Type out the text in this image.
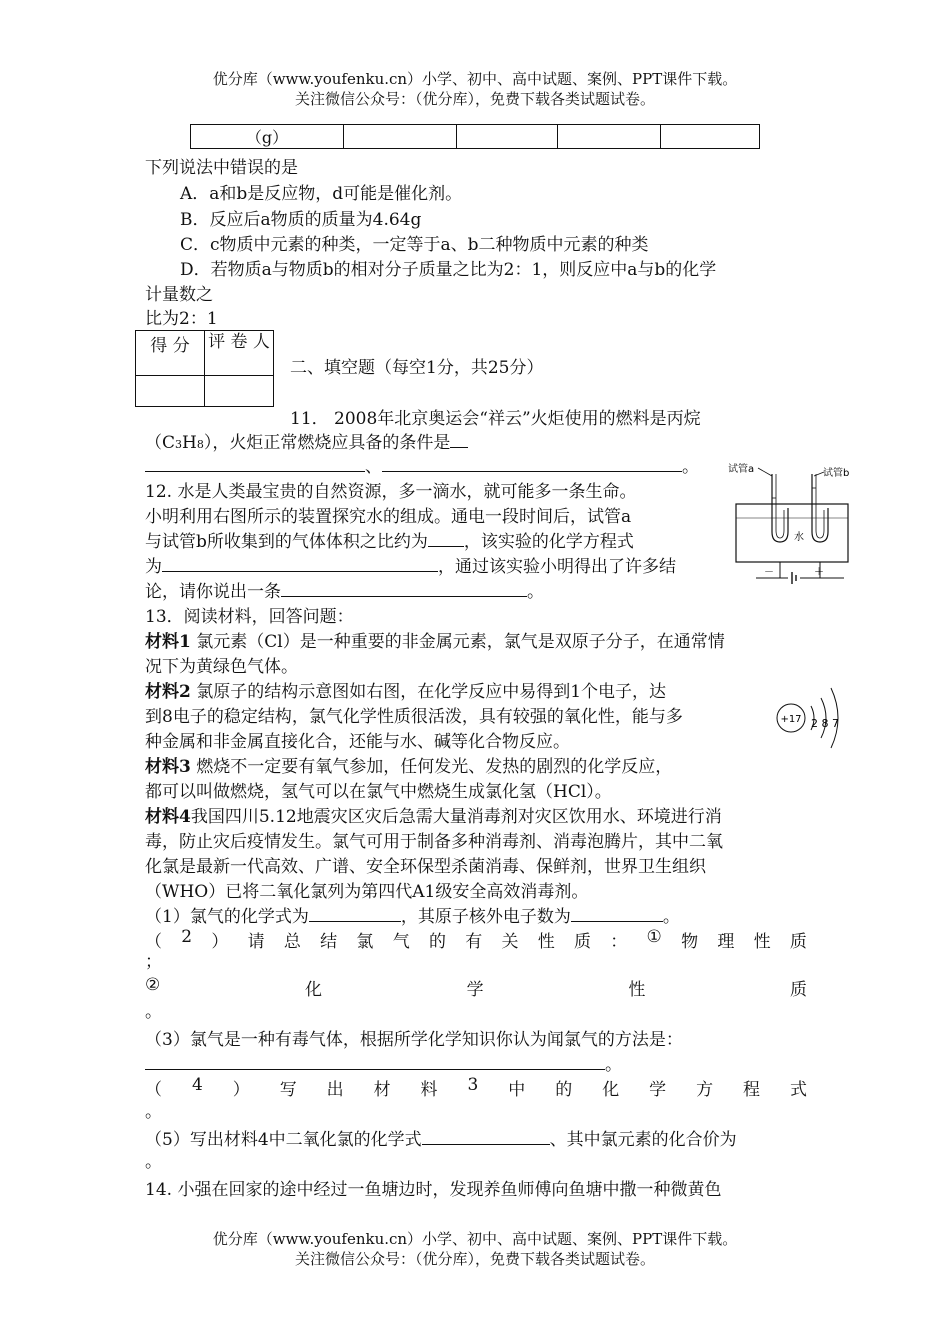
优分库（www.youfenku.cn）小学、初中、高中试题、案例、PPT课件下载。
关注微信公众号：（优分库），免费下载各类试题试卷。
（g）				
下列说法中错误的是
A．a和b是反应物，d可能是催化剂。
B．反应后a物质的质量为4.64g
C．c物质中元素的种类，一定等于a、b二种物质中元素的种类
D．若物质a与物质b的相对分子质量之比为2：1，则反应中a与b的化学
计量数之
比为2：1
得 分	评 卷 人

二、填空题（每空1分，共25分）
11． 2008年北京奥运会“祥云”火炬使用的燃料是丙烷
（C3H8），火炬正常燃烧应具备的条件是
、	。
12. 水是人类最宝贵的自然资源，多一滴水，就可能多一条生命。
小明利用右图所示的装置探究水的组成。通电一段时间后，试管a
与试管b所收集到的气体体积之比约为 ，该实验的化学方程式
为	，通过该实验小明得出了许多结
论，请你说出一条	。
试管a	试管b
水
－	＋
13．阅读材料，回答问题：
材料1 氯元素（Cl）是一种重要的非金属元素，氯气是双原子分子，在通常情
况下为黄绿色气体。
材料2 氯原子的结构示意图如右图，在化学反应中易得到1个电子，达
到8电子的稳定结构，氯气化学性质很活泼，具有较强的氧化性，能与多
种金属和非金属直接化合，还能与水、碱等化合物反应。
+17 2 8 7
材料3 燃烧不一定要有氧气参加，任何发光、发热的剧烈的化学反应，
都可以叫做燃烧，氢气可以在氯气中燃烧生成氯化氢（HCl）。
材料4我国四川5.12地震灾区灾后急需大量消毒剂对灾区饮用水、环境进行消
毒，防止灾后疫情发生。氯气可用于制备多种消毒剂、消毒泡腾片，其中二氧
化氯是最新一代高效、广谱、安全环保型杀菌消毒、保鲜剂，世界卫生组织
（WHO）已将二氧化氯列为第四代A1级安全高效消毒剂。
（1）氯气的化学式为	，其原子核外电子数为	。
（ 2 ） 请 总 结 氯 气 的 有 关 性 质 ： ① 物 理 性 质
；
②	化	学	性	质
。
（3）氯气是一种有毒气体，根据所学化学知识你认为闻氯气的方法是：
。
（ 4 ） 写 出 材 料 3 中 的 化 学 方 程 式
。
（5）写出材料4中二氧化氯的化学式	、其中氯元素的化合价为
。
14. 小强在回家的途中经过一鱼塘边时，发现养鱼师傅向鱼塘中撒一种微黄色
优分库（www.youfenku.cn）小学、初中、高中试题、案例、PPT课件下载。
关注微信公众号：（优分库），免费下载各类试题试卷。
